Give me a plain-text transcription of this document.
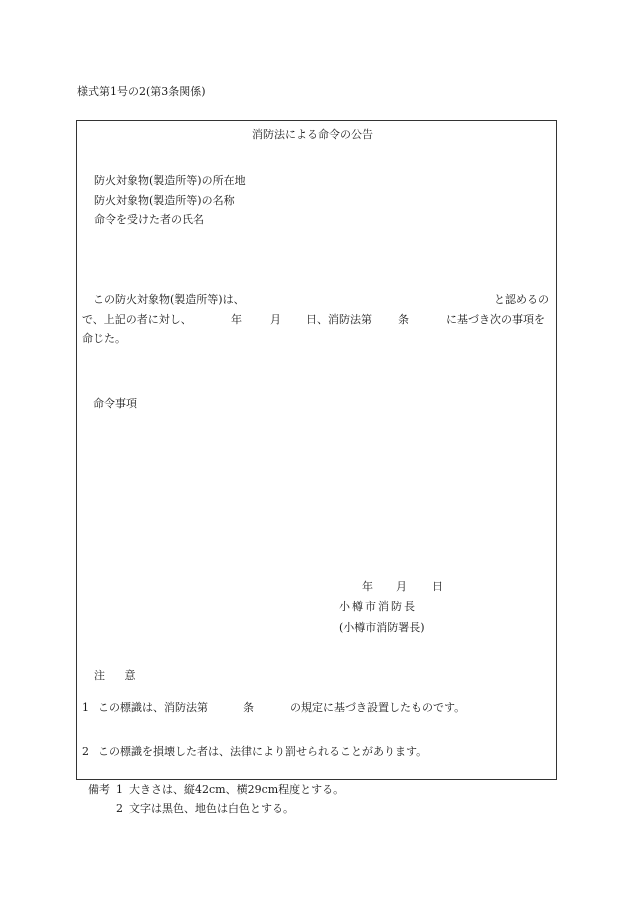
様式第1号の2(第3条関係)
消防法による命令の公告
防火対象物(製造所等)の所在地
防火対象物(製造所等)の名称
命令を受けた者の氏名
この防火対象物(製造所等)は、	と認めるの
で、上記の者に対し、	年	月 日、消防法第 条	に基づき次の事項を
命じた。
命令事項
年 月 日
小樽市消防長
(小樽市消防署長)
注 意
1 この標識は、消防法第	条	の規定に基づき設置したものです。
2 この標識を損壊した者は、法律により罰せられることがあります。
備考 1 大きさは、縦42cm、横29cm程度とする。
2 文字は黒色、地色は白色とする。
